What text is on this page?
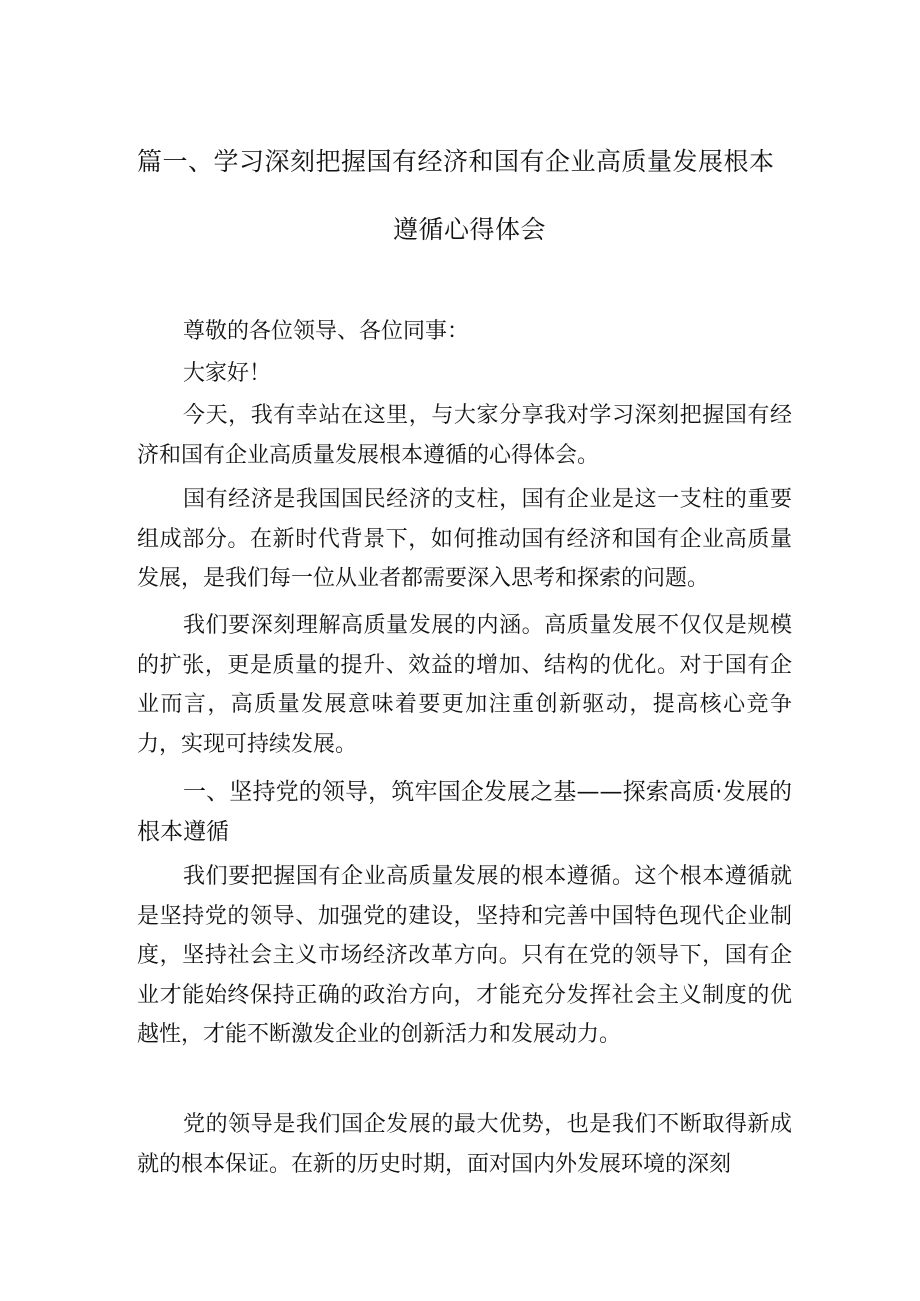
篇一、学习深刻把握国有经济和国有企业高质量发展根本
遵循心得体会
尊敬的各位领导、各位同事：
大家好！
今天，我有幸站在这里，与大家分享我对学习深刻把握国有经济和国有企业高质量发展根本遵循的心得体会。
国有经济是我国国民经济的支柱，国有企业是这一支柱的重要组成部分。在新时代背景下，如何推动国有经济和国有企业高质量发展，是我们每一位从业者都需要深入思考和探索的问题。
我们要深刻理解高质量发展的内涵。高质量发展不仅仅是规模的扩张，更是质量的提升、效益的增加、结构的优化。对于国有企业而言，高质量发展意味着要更加注重创新驱动，提高核心竞争力，实现可持续发展。
一、坚持党的领导，筑牢国企发展之基——探索高质·发展的根本遵循
我们要把握国有企业高质量发展的根本遵循。这个根本遵循就是坚持党的领导、加强党的建设，坚持和完善中国特色现代企业制度，坚持社会主义市场经济改革方向。只有在党的领导下，国有企业才能始终保持正确的政治方向，才能充分发挥社会主义制度的优越性，才能不断激发企业的创新活力和发展动力。
党的领导是我们国企发展的最大优势，也是我们不断取得新成就的根本保证。在新的历史时期，面对国内外发展环境的深刻
